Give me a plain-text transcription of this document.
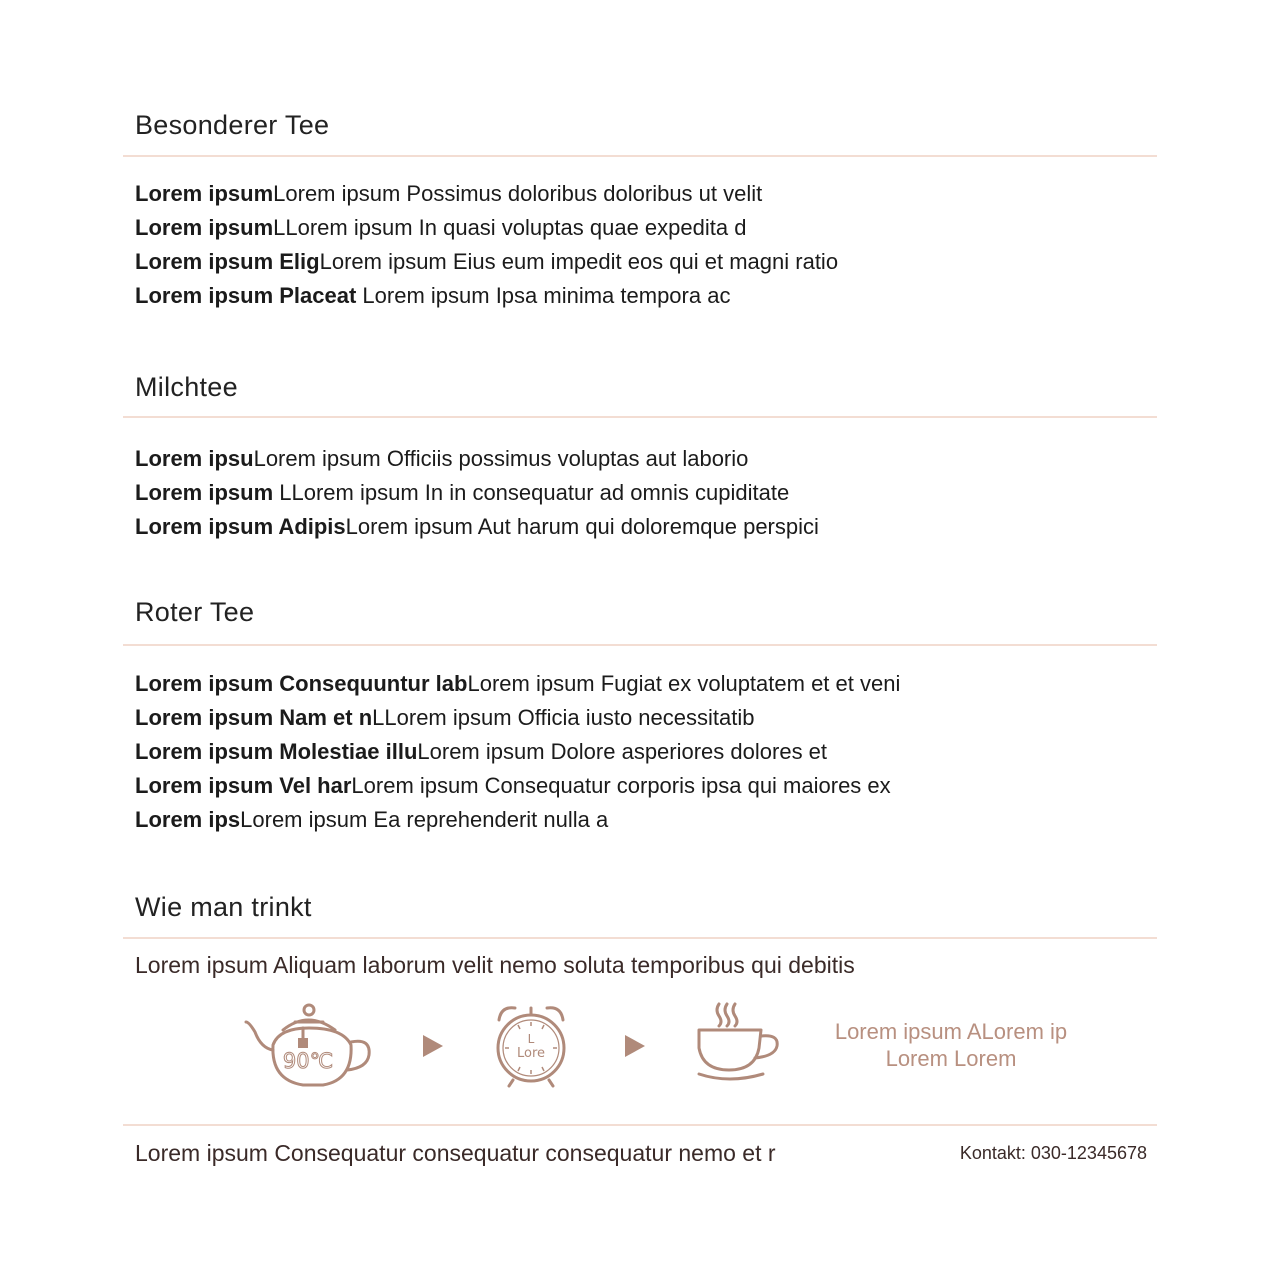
Besonderer Tee
Lorem ipsumLorem ipsum Possimus doloribus doloribus ut velit
Lorem ipsumLLorem ipsum In quasi voluptas quae expedita d
Lorem ipsum EligLorem ipsum Eius eum impedit eos qui et magni ratio
Lorem ipsum Placeat Lorem ipsum Ipsa minima tempora ac
Milchtee
Lorem ipsuLorem ipsum Officiis possimus voluptas aut laborio
Lorem ipsum LLorem ipsum In in consequatur ad omnis cupiditate
Lorem ipsum AdipisLorem ipsum Aut harum qui doloremque perspici
Roter Tee
Lorem ipsum Consequuntur labLorem ipsum Fugiat ex voluptatem et et veni
Lorem ipsum Nam et nLLorem ipsum Officia iusto necessitatib
Lorem ipsum Molestiae illuLorem ipsum Dolore asperiores dolores et
Lorem ipsum Vel harLorem ipsum Consequatur corporis ipsa qui maiores ex
Lorem ipsLorem ipsum Ea reprehenderit nulla a
Wie man trinkt
Lorem ipsum Aliquam laborum velit nemo soluta temporibus qui debitis
90℃
L
Lore
Lorem ipsum ALorem ip
Lorem Lorem
Lorem ipsum Consequatur consequatur consequatur nemo et r	Kontakt: 030-12345678
